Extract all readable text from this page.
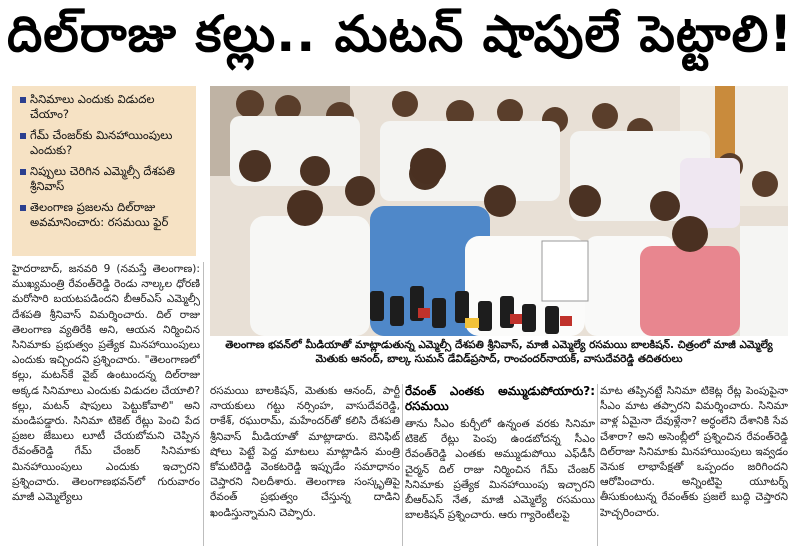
దిల్‌రాజు కల్లు.. మటన్ షాపులే పెట్టాలి!
సినిమాలు ఎందుకు విడుదల చేయాం?
గేమ్ చేంజర్‌కు మినహాయింపులు ఎందుకు?
నిప్పులు చెరిగిన ఎమ్మెల్సీ దేశపతి శ్రీనివాస్
తెలంగాణ ప్రజలను దిల్‌రాజు అవమానించారు: రసమయి ఫైర్
తెలంగాణ భవన్‌లో మీడియాతో మాట్లాడుతున్న ఎమ్మెల్సీ దేశపతి శ్రీనివాస్, మాజీ ఎమ్మెల్యే రసమయి బాలకిషన్. చిత్రంలో మాజీ ఎమ్మెల్యే మెతుకు ఆనంద్, బాల్క సుమన్ డేవిడ్‌ప్రసాద్, రాంచందర్‌నాయక్, వాసుదేవరెడ్డి తదితరులు
హైదరాబాద్, జనవరి 9 (నమస్తే తెలంగాణ): ముఖ్యమంత్రి రేవంత్‌రెడ్డి రెండు నాల్కల ధోరణి మరోసారి బయటపడిందని బీఆర్‌ఎస్ ఎమ్మెల్సీ దేశపతి శ్రీనివాస్ విమర్శించారు. దిల్ రాజు తెలంగాణ వ్యతిరేకి అని, ఆయన నిర్మించిన సినిమాకు ప్రభుత్వం ప్రత్యేక మినహాయింపులు ఎందుకు ఇచ్చిందని ప్రశ్నించారు. "తెలంగాణలో కల్లు, మటన్‌కే వైబ్ ఉంటుందన్న దిల్‌రాజు అక్కడ సినిమాలు ఎందుకు విడుదల చేయాలి? కల్లు, మటన్ షాపులు పెట్టుకోవాలి" అని మండిపడ్డారు. సినిమా టికెట్ రేట్లు పెంచి పేద ప్రజల జేబులు లూటీ చేయబోమని చెప్పిన రేవంత్‌రెడ్డి గేమ్ చేంజర్ సినిమాకు మినహాయింపులు ఎందుకు ఇచ్చారని ప్రశ్నించారు. తెలంగాణభవన్‌లో గురువారం మాజీ ఎమ్మెల్యేలు
రసమయి బాలకిషన్, మెతుకు ఆనంద్, పార్టీ నాయకులు గట్టు నర్సింహ, వాసుదేవరెడ్డి, రాకేశ్, రఘురామ్, మహేందర్‌తో కలిసి దేశపతి శ్రీనివాస్ మీడియాతో మాట్లాడారు. బెనిఫిట్ షోలు పెట్టే పెద్ద మాటలు మాట్లాడిన మంత్రి కోమటిరెడ్డి వెంకటరెడ్డి ఇప్పుడేం సమాధానం చెప్తారని నిలదీశారు. తెలంగాణ సంస్కృతిపై రేవంత్ ప్రభుత్వం చేస్తున్న దాడిని ఖండిస్తున్నామని చెప్పారు.
రేవంత్ ఎంతకు అమ్ముడుపోయారు?: రసమయి
తాను సీఎం కుర్చీలో ఉన్నంత వరకు సినిమా టికెట్ రేట్లు పెంపు ఉండబోదన్న సీఎం రేవంత్‌రెడ్డి ఎంతకు అమ్ముడుపోయి ఎఫ్‌డీసీ చైర్మన్ దిల్ రాజు నిర్మించిన గేమ్ చేంజర్ సినిమాకు ప్రత్యేక మినహాయింపు ఇచ్చారని బీఆర్‌ఎస్ నేత, మాజీ ఎమ్మెల్యే రసమయి బాలకిషన్ ప్రశ్నించారు. ఆరు గ్యారెంటీలపై
మాట తప్పినట్టే సినిమా టికెట్ల రేట్ల పెంపుపైనా సీఎం మాట తప్పారని విమర్శించారు. సినిమా వాళ్ల ఏమైనా దేవుళ్లేనా? అర్ధంలేని దేశానికి సేవ చేశారా? అని అసెంబ్లీలో ప్రశ్నించిన రేవంత్‌రెడ్డి దిల్‌రాజు సినిమాకు మినహాయింపులు ఇవ్వడం వెనుక లాభాపేక్షతో ఒప్పందం జరిగిందని ఆరోపించారు. అన్నింటిపై యూటర్న్ తీసుకుంటున్న రేవంత్‌కు ప్రజలే బుద్ధి చెప్తారని హెచ్చరించారు.
